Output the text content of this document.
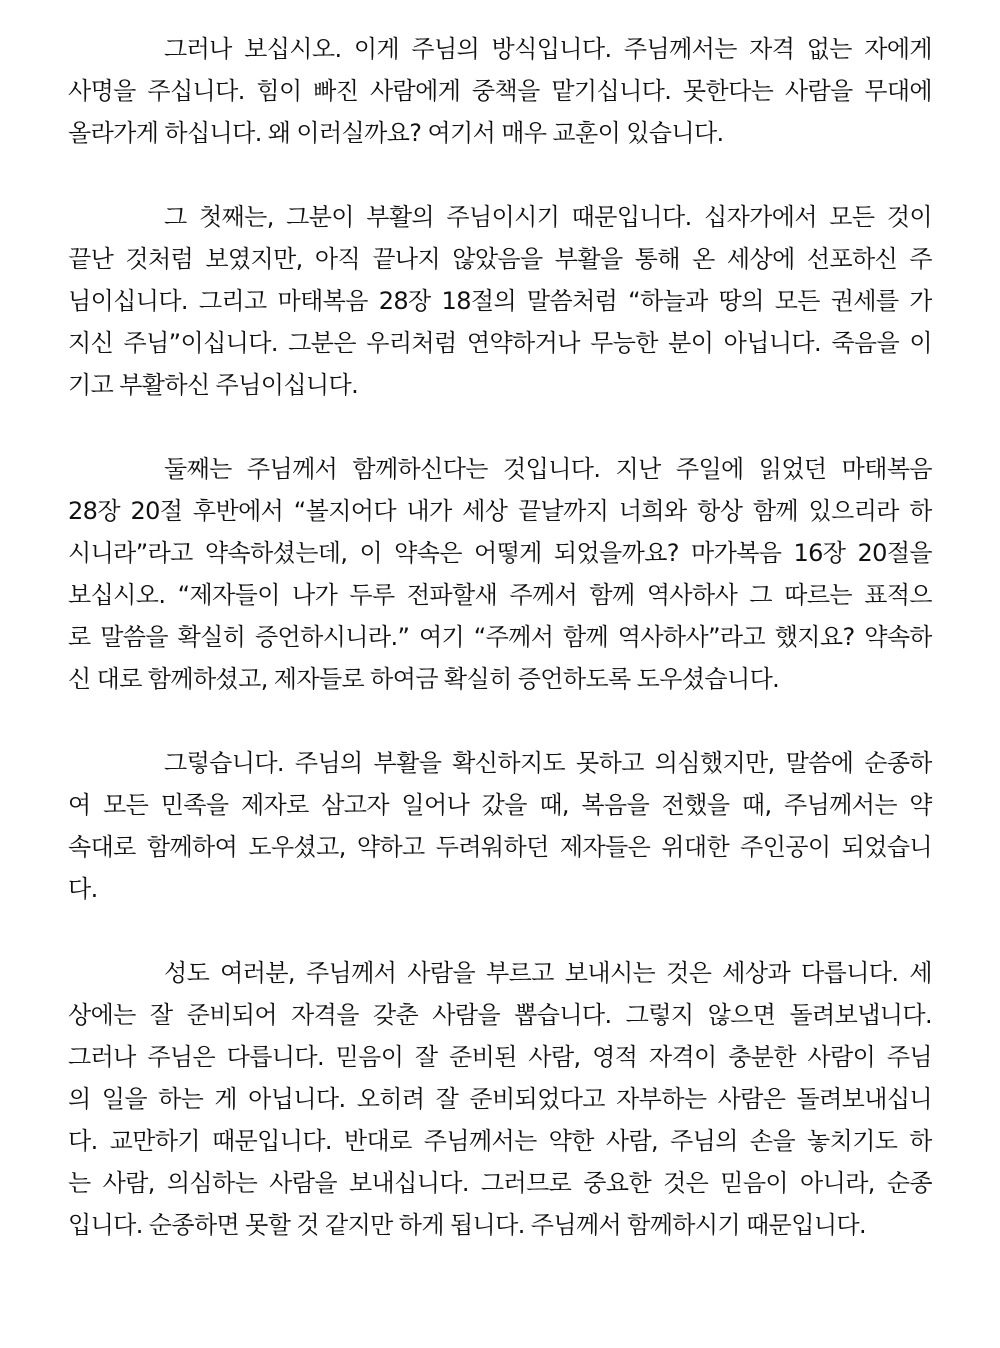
그러나 보십시오. 이게 주님의 방식입니다. 주님께서는 자격 없는 자에게
사명을 주십니다. 힘이 빠진 사람에게 중책을 맡기십니다. 못한다는 사람을 무대에
올라가게 하십니다. 왜 이러실까요? 여기서 매우 교훈이 있습니다.
그 첫째는, 그분이 부활의 주님이시기 때문입니다. 십자가에서 모든 것이
끝난 것처럼 보였지만, 아직 끝나지 않았음을 부활을 통해 온 세상에 선포하신 주
님이십니다. 그리고 마태복음 28장 18절의 말씀처럼 “하늘과 땅의 모든 권세를 가
지신 주님”이십니다. 그분은 우리처럼 연약하거나 무능한 분이 아닙니다. 죽음을 이
기고 부활하신 주님이십니다.
둘째는 주님께서 함께하신다는 것입니다. 지난 주일에 읽었던 마태복음
28장 20절 후반에서 “볼지어다 내가 세상 끝날까지 너희와 항상 함께 있으리라 하
시니라”라고 약속하셨는데, 이 약속은 어떻게 되었을까요? 마가복음 16장 20절을
보십시오. “제자들이 나가 두루 전파할새 주께서 함께 역사하사 그 따르는 표적으
로 말씀을 확실히 증언하시니라.” 여기 “주께서 함께 역사하사”라고 했지요? 약속하
신 대로 함께하셨고, 제자들로 하여금 확실히 증언하도록 도우셨습니다.
그렇습니다. 주님의 부활을 확신하지도 못하고 의심했지만, 말씀에 순종하
여 모든 민족을 제자로 삼고자 일어나 갔을 때, 복음을 전했을 때, 주님께서는 약
속대로 함께하여 도우셨고, 약하고 두려워하던 제자들은 위대한 주인공이 되었습니
다.
성도 여러분, 주님께서 사람을 부르고 보내시는 것은 세상과 다릅니다. 세
상에는 잘 준비되어 자격을 갖춘 사람을 뽑습니다. 그렇지 않으면 돌려보냅니다.
그러나 주님은 다릅니다. 믿음이 잘 준비된 사람, 영적 자격이 충분한 사람이 주님
의 일을 하는 게 아닙니다. 오히려 잘 준비되었다고 자부하는 사람은 돌려보내십니
다. 교만하기 때문입니다. 반대로 주님께서는 약한 사람, 주님의 손을 놓치기도 하
는 사람, 의심하는 사람을 보내십니다. 그러므로 중요한 것은 믿음이 아니라, 순종
입니다. 순종하면 못할 것 같지만 하게 됩니다. 주님께서 함께하시기 때문입니다.
